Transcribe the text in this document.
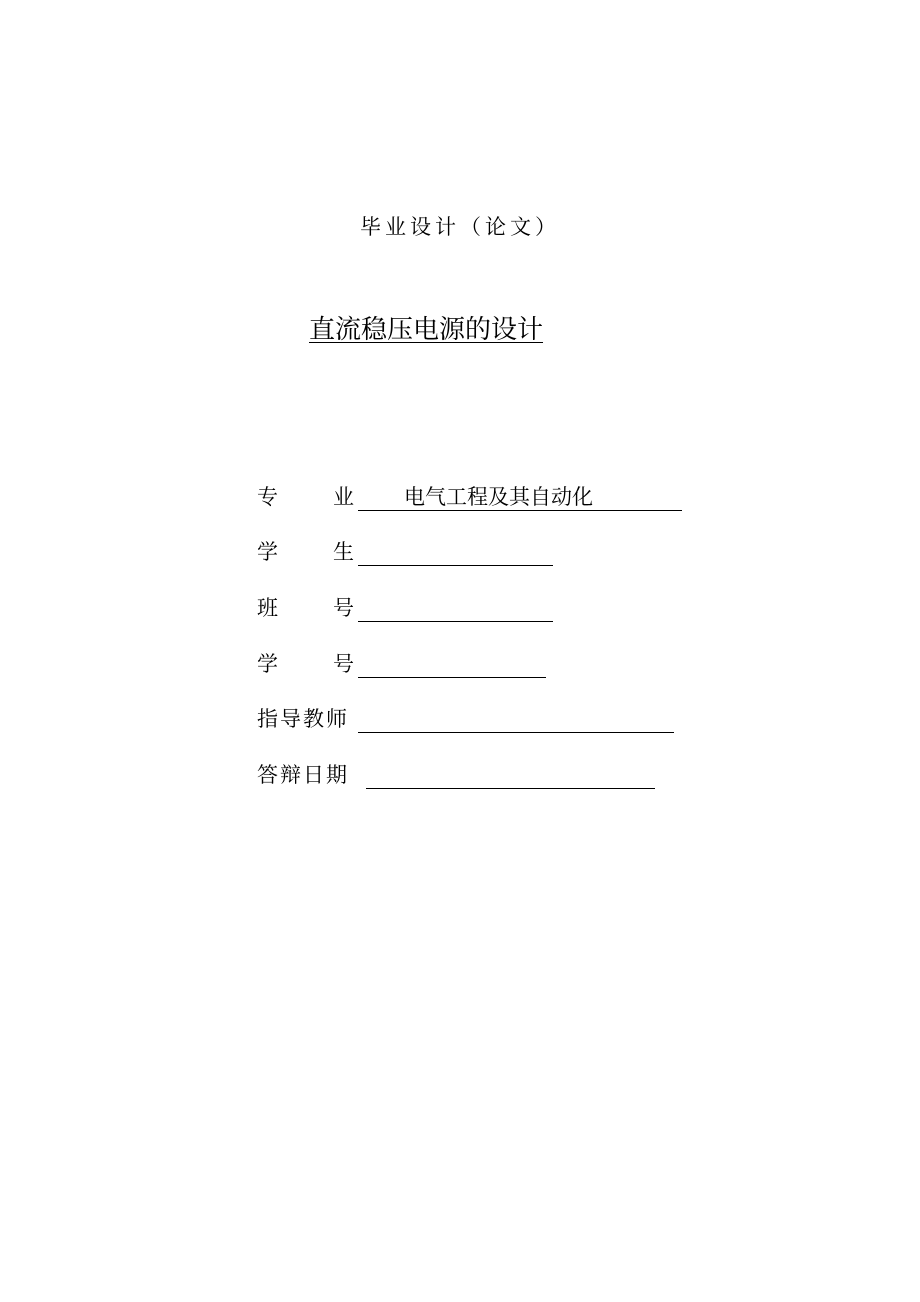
毕业设计（论文）
直流稳压电源的设计
专	业 电气工程及其自动化
学	生
班	号
学	号
指导教师
答辩日期
